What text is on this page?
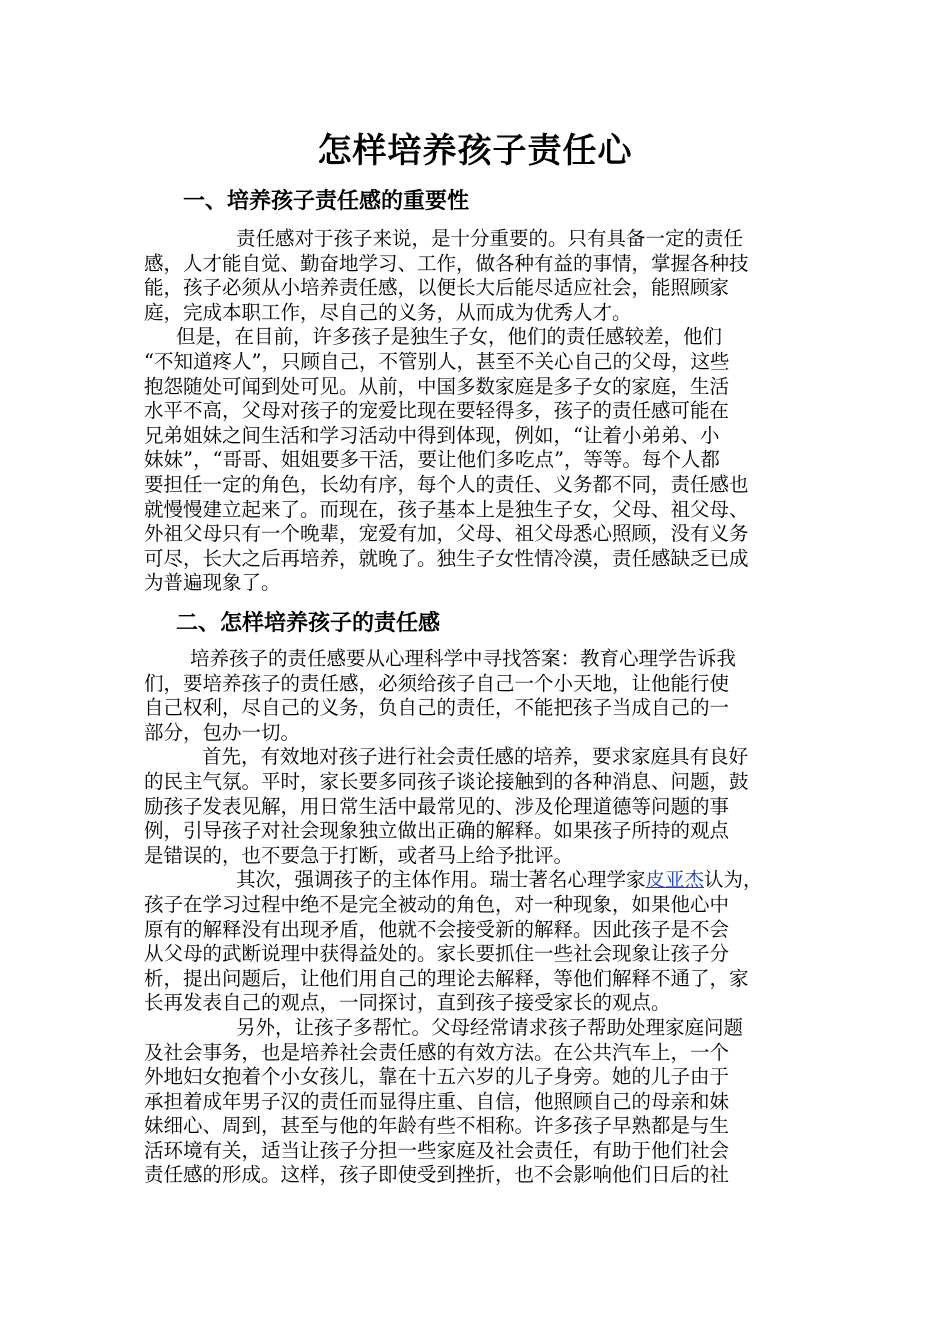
怎样培养孩子责任心
一、培养孩子责任感的重要性
责任感对于孩子来说，是十分重要的。只有具备一定的责任
感，人才能自觉、勤奋地学习、工作，做各种有益的事情，掌握各种技
能，孩子必须从小培养责任感，以便长大后能尽适应社会，能照顾家
庭，完成本职工作，尽自己的义务，从而成为优秀人才。
但是，在目前，许多孩子是独生子女，他们的责任感较差，他们
“不知道疼人”，只顾自己，不管别人，甚至不关心自己的父母，这些
抱怨随处可闻到处可见。从前，中国多数家庭是多子女的家庭，生活
水平不高，父母对孩子的宠爱比现在要轻得多，孩子的责任感可能在
兄弟姐妹之间生活和学习活动中得到体现，例如，“让着小弟弟、小
妹妹”，“哥哥、姐姐要多干活，要让他们多吃点”，等等。每个人都
要担任一定的角色，长幼有序，每个人的责任、义务都不同，责任感也
就慢慢建立起来了。而现在，孩子基本上是独生子女，父母、祖父母、
外祖父母只有一个晚辈，宠爱有加，父母、祖父母悉心照顾，没有义务
可尽，长大之后再培养，就晚了。独生子女性情冷漠，责任感缺乏已成
为普遍现象了。
二、怎样培养孩子的责任感
培养孩子的责任感要从心理科学中寻找答案：教育心理学告诉我
们，要培养孩子的责任感，必须给孩子自己一个小天地，让他能行使
自己权利，尽自己的义务，负自己的责任，不能把孩子当成自己的一
部分，包办一切。
首先，有效地对孩子进行社会责任感的培养，要求家庭具有良好
的民主气氛。平时，家长要多同孩子谈论接触到的各种消息、问题，鼓
励孩子发表见解，用日常生活中最常见的、涉及伦理道德等问题的事
例，引导孩子对社会现象独立做出正确的解释。如果孩子所持的观点
是错误的，也不要急于打断，或者马上给予批评。
其次，强调孩子的主体作用。瑞士著名心理学家皮亚杰认为，
孩子在学习过程中绝不是完全被动的角色，对一种现象，如果他心中
原有的解释没有出现矛盾，他就不会接受新的解释。因此孩子是不会
从父母的武断说理中获得益处的。家长要抓住一些社会现象让孩子分
析，提出问题后，让他们用自己的理论去解释，等他们解释不通了，家
长再发表自己的观点，一同探讨，直到孩子接受家长的观点。
另外，让孩子多帮忙。父母经常请求孩子帮助处理家庭问题
及社会事务，也是培养社会责任感的有效方法。在公共汽车上，一个
外地妇女抱着个小女孩儿，靠在十五六岁的儿子身旁。她的儿子由于
承担着成年男子汉的责任而显得庄重、自信，他照顾自己的母亲和妹
妹细心、周到，甚至与他的年龄有些不相称。许多孩子早熟都是与生
活环境有关，适当让孩子分担一些家庭及社会责任，有助于他们社会
责任感的形成。这样，孩子即使受到挫折，也不会影响他们日后的社
